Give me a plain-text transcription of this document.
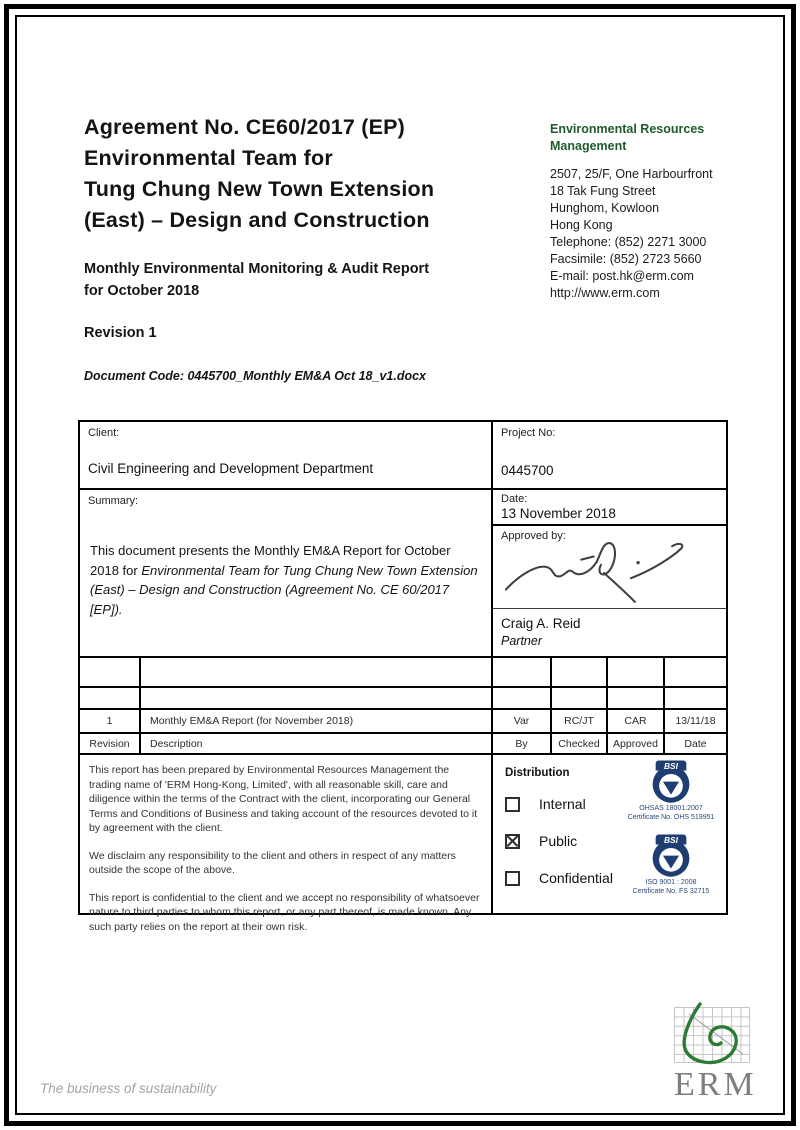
Agreement No. CE60/2017 (EP)
Environmental Team for
Tung Chung New Town Extension
(East) – Design and Construction
Monthly Environmental Monitoring & Audit Report
for October 2018
Revision 1
Document Code: 0445700_Monthly EM&A Oct 18_v1.docx
Environmental Resources Management
2507, 25/F, One Harbourfront
18 Tak Fung Street
Hunghom, Kowloon
Hong Kong
Telephone: (852) 2271 3000
Facsimile: (852) 2723 5660
E-mail: post.hk@erm.com
http://www.erm.com
Client:
Civil Engineering and Development Department
Project No:
0445700
Summary:
This document presents the Monthly EM&A Report for October 2018 for Environmental Team for Tung Chung New Town Extension (East) – Design and Construction (Agreement No. CE 60/2017 [EP]).
Date:
13 November 2018
Approved by:
Craig A. Reid
Partner
1	Monthly EM&A Report (for November 2018)	Var	RC/JT	CAR	13/11/18
Revision	Description	By	Checked	Approved	Date

This report has been prepared by Environmental Resources Management the trading name of 'ERM Hong-Kong, Limited', with all reasonable skill, care and diligence within the terms of the Contract with the client, incorporating our General Terms and Conditions of Business and taking account of the resources devoted to it by agreement with the client.

We disclaim any responsibility to the client and others in respect of any matters outside the scope of the above.

This report is confidential to the client and we accept no responsibility of whatsoever nature to third parties to whom this report, or any part thereof, is made known. Any such party relies on the report at their own risk.

Distribution
Internal
Public
Confidential
BSI
OHSAS 18001:2007
Certificate No. OHS 519951
BSI
ISO 9001 : 2008
Certificate No. FS 32715
The business of sustainability	ERM
